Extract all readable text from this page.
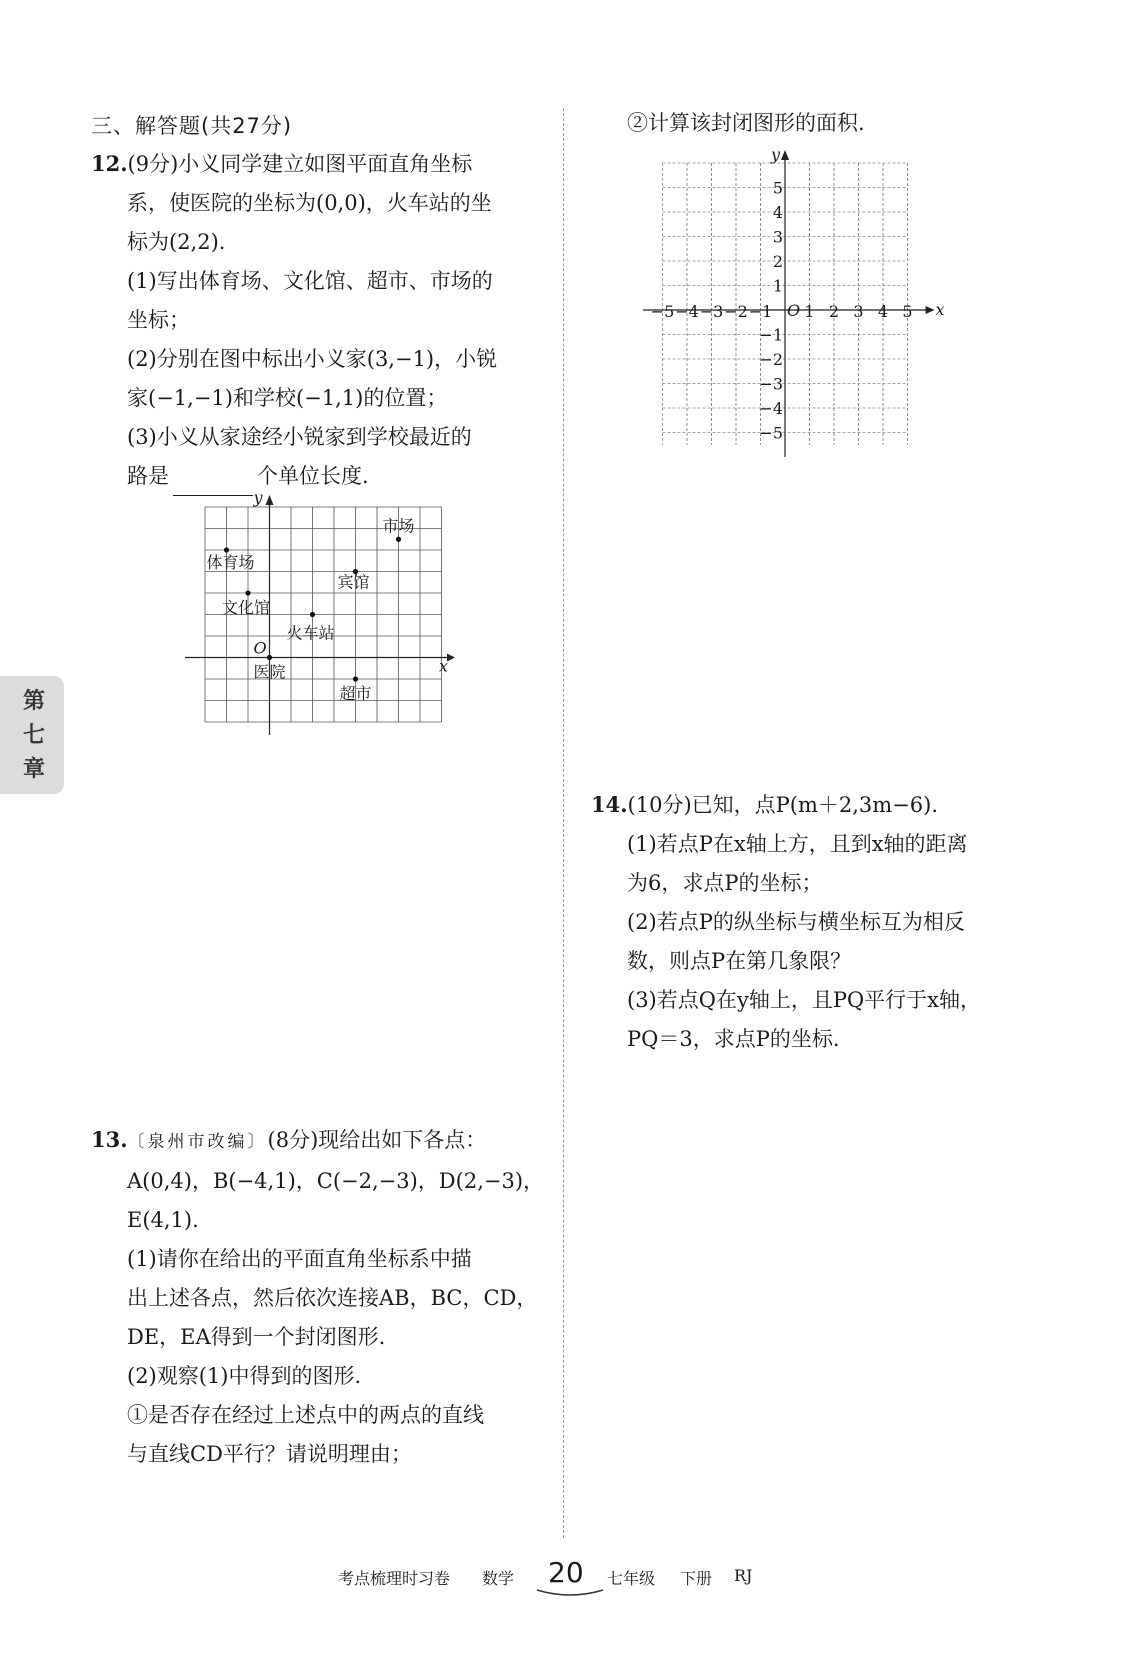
三、解答题(共27分)
12.(9分)小义同学建立如图平面直角坐标
系，使医院的坐标为(0,0)，火车站的坐
标为(2,2).
(1)写出体育场、文化馆、超市、市场的
坐标；
(2)分别在图中标出小义家(3,−1)，小锐
家(−1,−1)和学校(−1,1)的位置；
(3)小义从家途经小锐家到学校最近的
路是	个单位长度.
x
y
O
体育场
文化馆
火车站
宾馆
市场
医院
超市
13.〔泉州市改编〕(8分)现给出如下各点：
A(0,4)，B(−4,1)，C(−2,−3)，D(2,−3)，
E(4,1).
(1)请你在给出的平面直角坐标系中描
出上述各点，然后依次连接AB，BC，CD，
DE，EA得到一个封闭图形.
(2)观察(1)中得到的图形.
①是否存在经过上述点中的两点的直线
与直线CD平行？请说明理由；
②计算该封闭图形的面积.
x
y
O
−5 −4 −3 −2 −1 1 2 3 4 5
5
4
3
2
1
−1
−2
−3
−4
−5
14.(10分)已知，点P(m＋2,3m−6).
(1)若点P在x轴上方，且到x轴的距离
为6，求点P的坐标；
(2)若点P的纵坐标与横坐标互为相反
数，则点P在第几象限？
(3)若点Q在y轴上，且PQ平行于x轴，
PQ＝3，求点P的坐标.
第
七
章
考点梳理时习卷 数学 20 七年级 下册 RJ
